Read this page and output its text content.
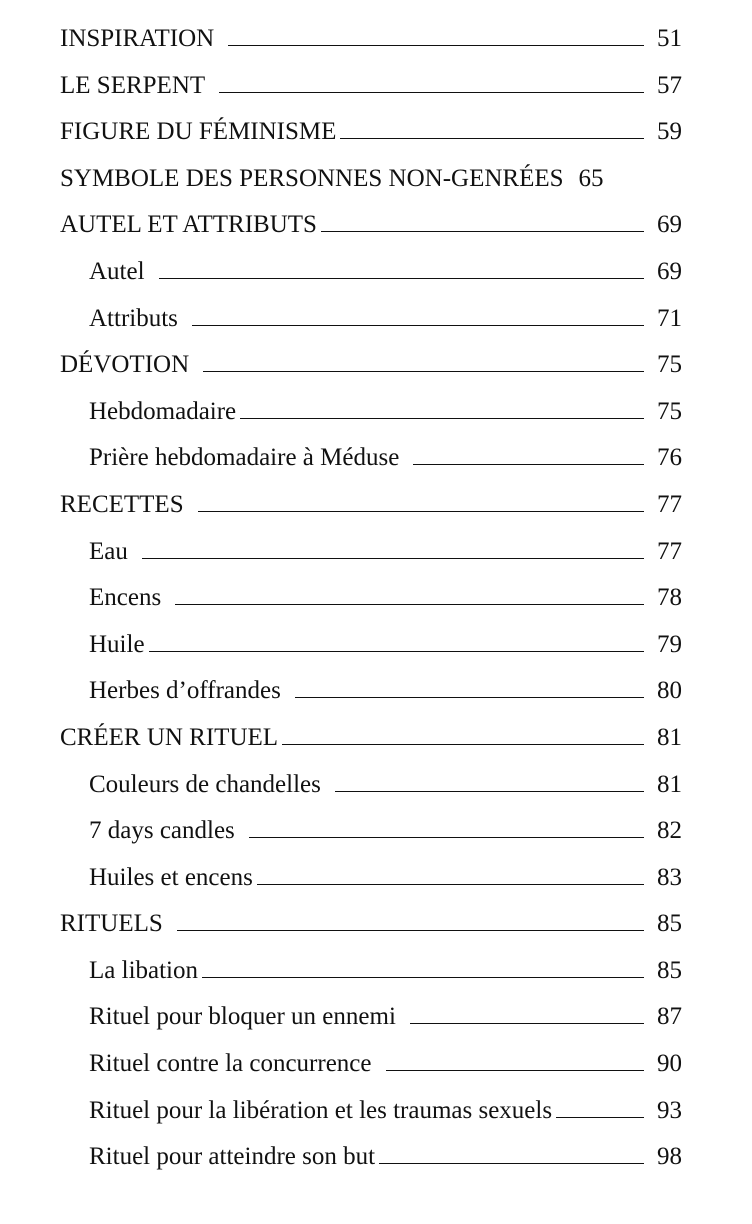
INSPIRATION	51
LE SERPENT	57
FIGURE DU FÉMINISME	59
SYMBOLE DES PERSONNES NON-GENRÉES 65
AUTEL ET ATTRIBUTS	69
Autel	69
Attributs	71
DÉVOTION	75
Hebdomadaire	75
Prière hebdomadaire à Méduse	76
RECETTES	77
Eau	77
Encens	78
Huile	79
Herbes d’offrandes	80
CRÉER UN RITUEL	81
Couleurs de chandelles	81
7 days candles	82
Huiles et encens	83
RITUELS	85
La libation	85
Rituel pour bloquer un ennemi	87
Rituel contre la concurrence	90
Rituel pour la libération et les traumas sexuels	93
Rituel pour atteindre son but	98
